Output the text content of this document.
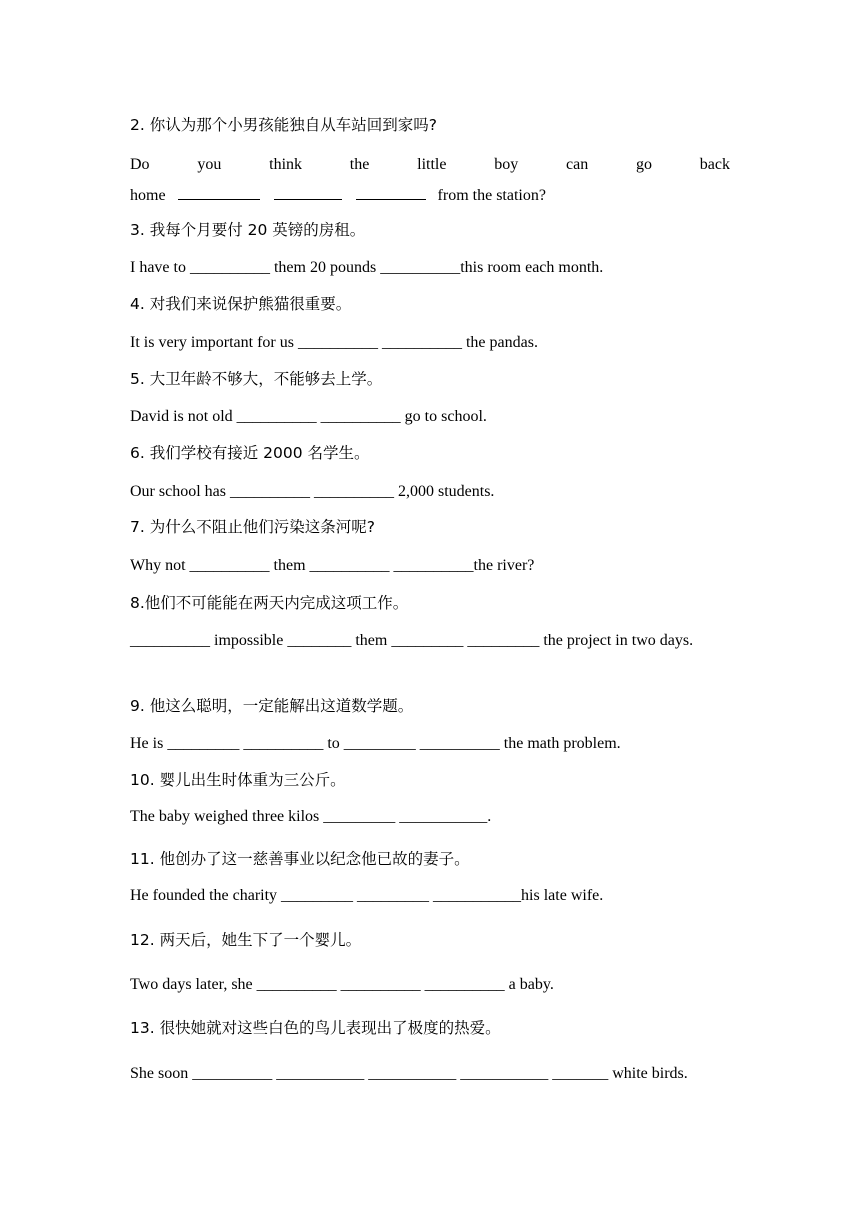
2. 你认为那个小男孩能独自从车站回到家吗?
Do	you	think	the	little	boy	can	go	back
home	from the station?
3. 我每个月要付 20 英镑的房租。
I have to __________ them 20 pounds __________this room each month.
4. 对我们来说保护熊猫很重要。
It is very important for us __________ __________ the pandas.
5. 大卫年龄不够大，不能够去上学。
David is not old __________ __________ go to school.
6. 我们学校有接近 2000 名学生。
Our school has __________ __________ 2,000 students.
7. 为什么不阻止他们污染这条河呢?
Why not __________ them __________ __________the river?
8.他们不可能能在两天内完成这项工作。
__________ impossible ________ them _________ _________ the project in two days.
9. 他这么聪明，一定能解出这道数学题。
He is _________ __________ to _________ __________ the math problem.
10. 婴儿出生时体重为三公斤。
The baby weighed three kilos _________ ___________.
11. 他创办了这一慈善事业以纪念他已故的妻子。
He founded the charity _________ _________ ___________his late wife.
12. 两天后，她生下了一个婴儿。
Two days later, she __________ __________ __________ a baby.
13. 很快她就对这些白色的鸟儿表现出了极度的热爱。
She soon __________ ___________ ___________ ___________ _______ white birds.
